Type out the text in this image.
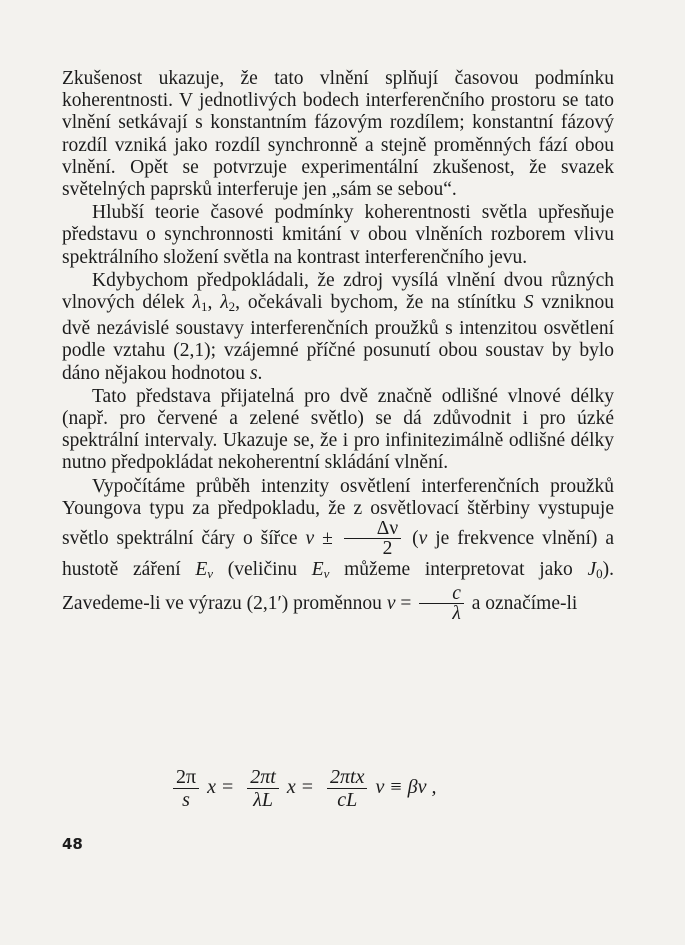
Zkušenost ukazuje, že tato vlnění splňují časovou podmínku koherentnosti. V jednotlivých bodech interferenčního prostoru se tato vlnění setkávají s konstantním fázovým rozdílem; konstantní fázový rozdíl vzniká jako rozdíl synchronně a stejně proměnných fází obou vlnění. Opět se potvrzuje experimentální zkušenost, že svazek světelných paprsků interferuje jen „sám se sebou“.

Hlubší teorie časové podmínky koherentnosti světla upřesňuje představu o synchronnosti kmitání v obou vlněních rozborem vlivu spektrálního složení světla na kontrast interferenčního jevu.

Kdybychom předpokládali, že zdroj vysílá vlnění dvou různých vlnových délek $\lambda_1$, $\lambda_2$, očekávali bychom, že na stínítku S vzniknou dvě nezávislé soustavy interferenčních proužků s intenzitou osvětlení podle vztahu (2,1); vzájemné příčné posunutí obou soustav by bylo dáno nějakou hodnotou s.

Tato představa přijatelná pro dvě značně odlišné vlnové délky (např. pro červené a zelené světlo) se dá zdůvodnit i pro úzké spektrální intervaly. Ukazuje se, že i pro infinitezimálně odlišné délky nutno předpokládat nekoherentní skládání vlnění.

Vypočítáme průběh intenzity osvětlení interferenčních proužků Youngova typu za předpokladu, že z osvětlovací štěrbiny vystupuje světlo spektrální čáry o šířce $\nu \pm \frac{\Delta\nu}{2} (\nu$ je frekvence vlnění) a hustotě záření $E_\nu$ (veličinu $E_\nu$ můžeme interpretovat jako $J_0$). Zavedeme-li ve výrazu (2,1′) proměnnou $\nu = \frac{c}{\lambda}$ a označíme-li

$\frac{2\pi}{s}$ $x = \frac{2\pi t}{\lambda L}$ $x = \frac{\text{2πtx}}{cL}$ ν ≡ βν ,
48
